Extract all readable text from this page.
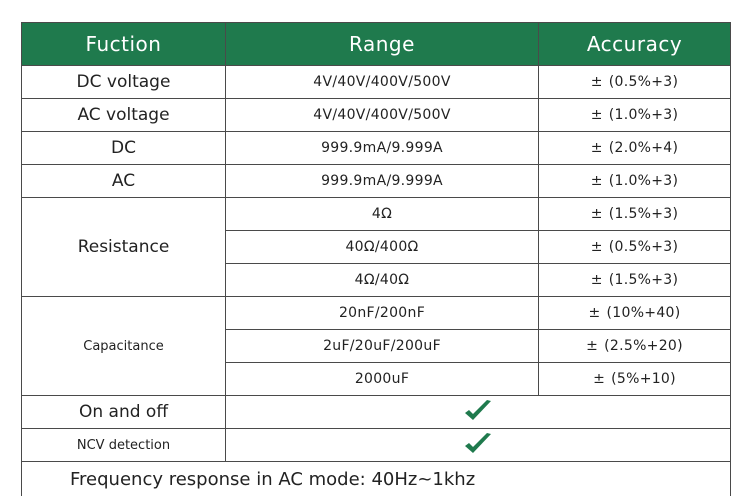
Fuction	Range	Accuracy
DC voltage	4V/40V/400V/500V	± (0.5%+3)
AC voltage	4V/40V/400V/500V	± (1.0%+3)
DC	999.9mA/9.999A	± (2.0%+4)
AC	999.9mA/9.999A	± (1.0%+3)
Resistance	4Ω	± (1.5%+3)
	40Ω/400Ω	± (0.5%+3)
	4Ω/40Ω	± (1.5%+3)
Capacitance	20nF/200nF	± (10%+40)
	2uF/20uF/200uF	± (2.5%+20)
	2000uF	± (5%+10)
On and off	
NCV detection	
Frequency response in AC mode: 40Hz~1khz		
